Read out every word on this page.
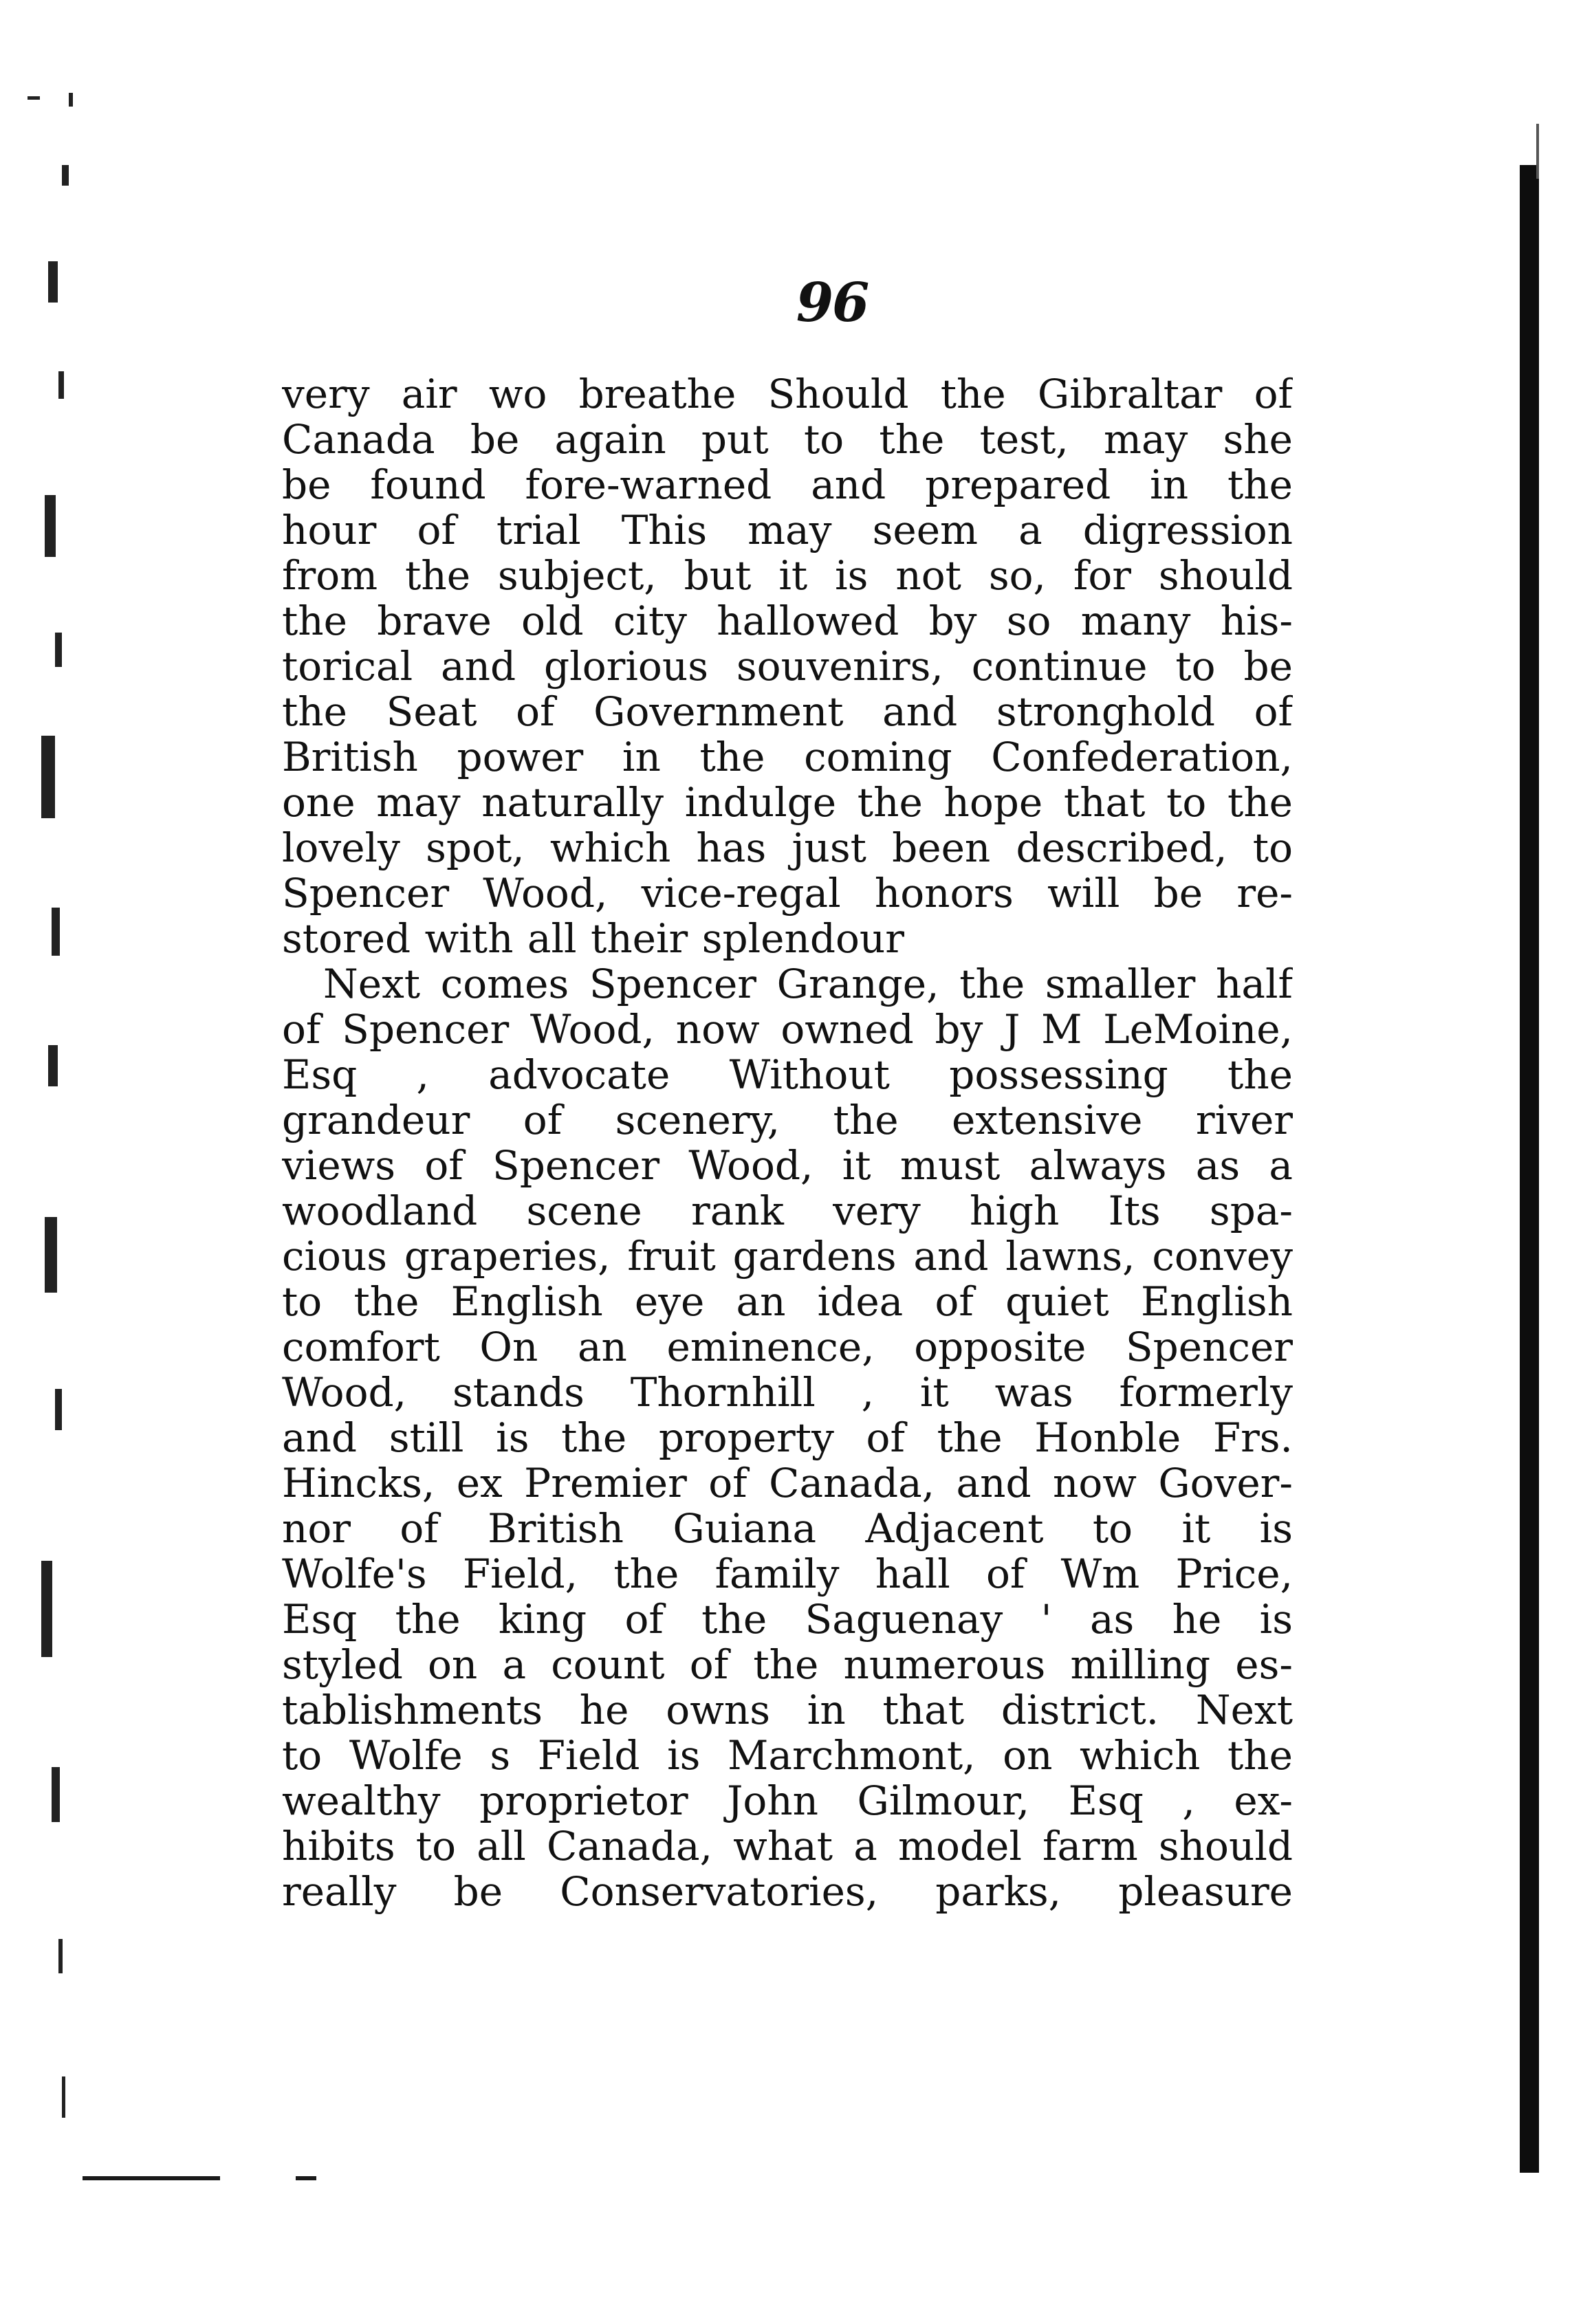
96
very air wo breathe Should the Gibraltar of
Canada be again put to the test, may she
be found fore-warned and prepared in the
hour of trial This may seem a digression
from the subject, but it is not so, for should
the brave old city hallowed by so many his-
torical and glorious souvenirs, continue to be
the Seat of Government and stronghold of
British power in the coming Confederation,
one may naturally indulge the hope that to the
lovely spot, which has just been described, to
Spencer Wood, vice-regal honors will be re-
stored with all their splendour
Next comes Spencer Grange, the smaller half
of Spencer Wood, now owned by J M LeMoine,
Esq , advocate Without possessing the
grandeur of scenery, the extensive river
views of Spencer Wood, it must always as a
woodland scene rank very high Its spa-
cious graperies, fruit gardens and lawns, convey
to the English eye an idea of quiet English
comfort On an eminence, opposite Spencer
Wood, stands Thornhill , it was formerly
and still is the property of the Honble Frs.
Hincks, ex Premier of Canada, and now Gover-
nor of British Guiana Adjacent to it is
Wolfe's Field, the family hall of Wm Price,
Esq the king of the Saguenay ' as he is
styled on a count of the numerous milling es-
tablishments he owns in that district. Next
to Wolfe s Field is Marchmont, on which the
wealthy proprietor John Gilmour, Esq , ex-
hibits to all Canada, what a model farm should
really be Conservatories, parks, pleasure
